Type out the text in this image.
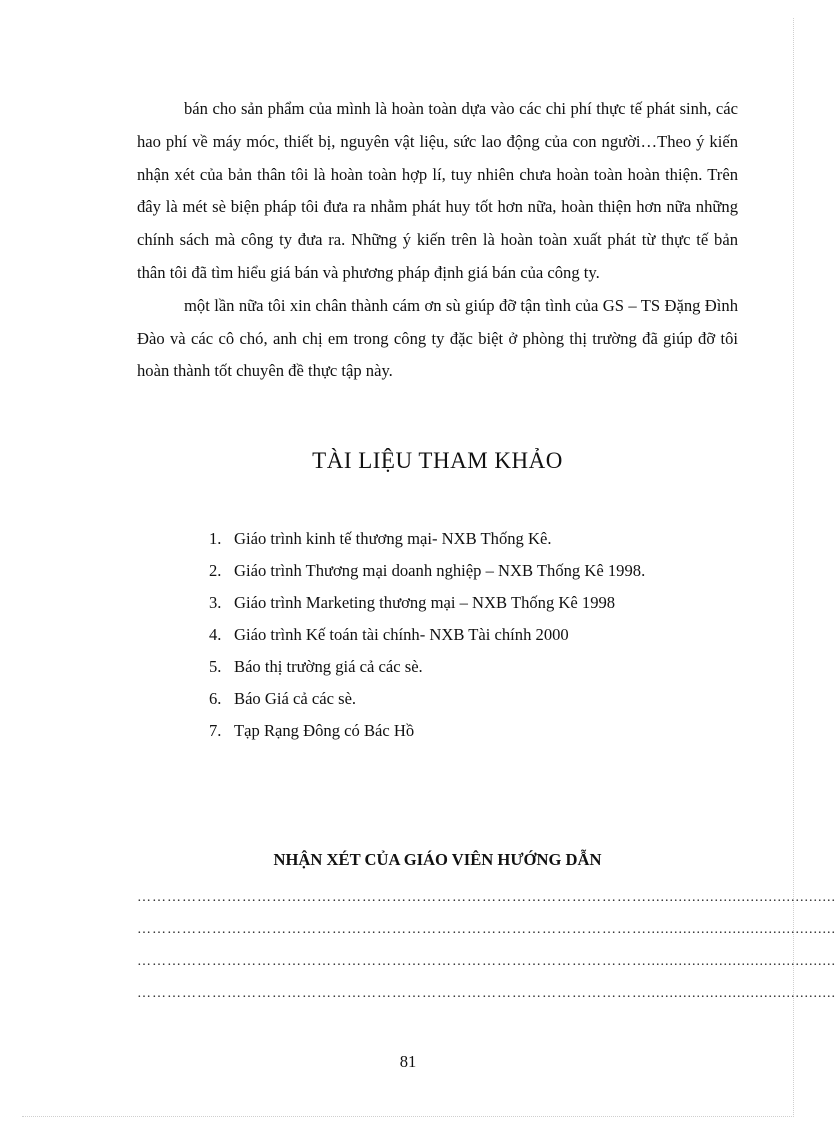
bán cho sản phẩm của mình là hoàn toàn dựa vào các chi phí thực tế phát sinh, các hao phí về máy móc, thiết bị, nguyên vật liệu, sức lao động của con người…Theo ý kiến nhận xét của bản thân tôi là hoàn toàn hợp lí, tuy nhiên chưa hoàn toàn hoàn thiện. Trên đây là mét sè biện pháp tôi đưa ra nhằm phát huy tốt hơn nữa, hoàn thiện hơn nữa những chính sách mà công ty đưa ra. Những ý kiến trên là hoàn toàn xuất phát từ thực tế bản thân tôi đã tìm hiểu giá bán và phương pháp định giá bán của công ty.

một lần nữa tôi xin chân thành cám ơn sù giúp đỡ tận tình của GS – TS Đặng Đình Đào và các cô chó, anh chị em trong công ty đặc biệt ở phòng thị trường đã giúp đỡ tôi hoàn thành tốt chuyên đề thực tập này.

TÀI LIỆU THAM KHẢO
1. Giáo trình kinh tế thương mại- NXB Thống Kê.
2. Giáo trình Thương mại doanh nghiệp – NXB Thống Kê 1998.
3. Giáo trình Marketing thương mại – NXB Thống Kê 1998
4. Giáo trình Kế toán tài chính- NXB Tài chính 2000
5. Báo thị trường giá cả các sè.
6. Báo Giá cả các sè.
7. Tạp Rạng Đông có Bác Hồ
NHẬN XÉT CỦA GIÁO VIÊN HƯỚNG DẪN
…………………………………………………………………………………………..........................................
…………………………………………………………………………………………..........................................
…………………………………………………………………………………………..........................................
…………………………………………………………………………………………..........................................
81
